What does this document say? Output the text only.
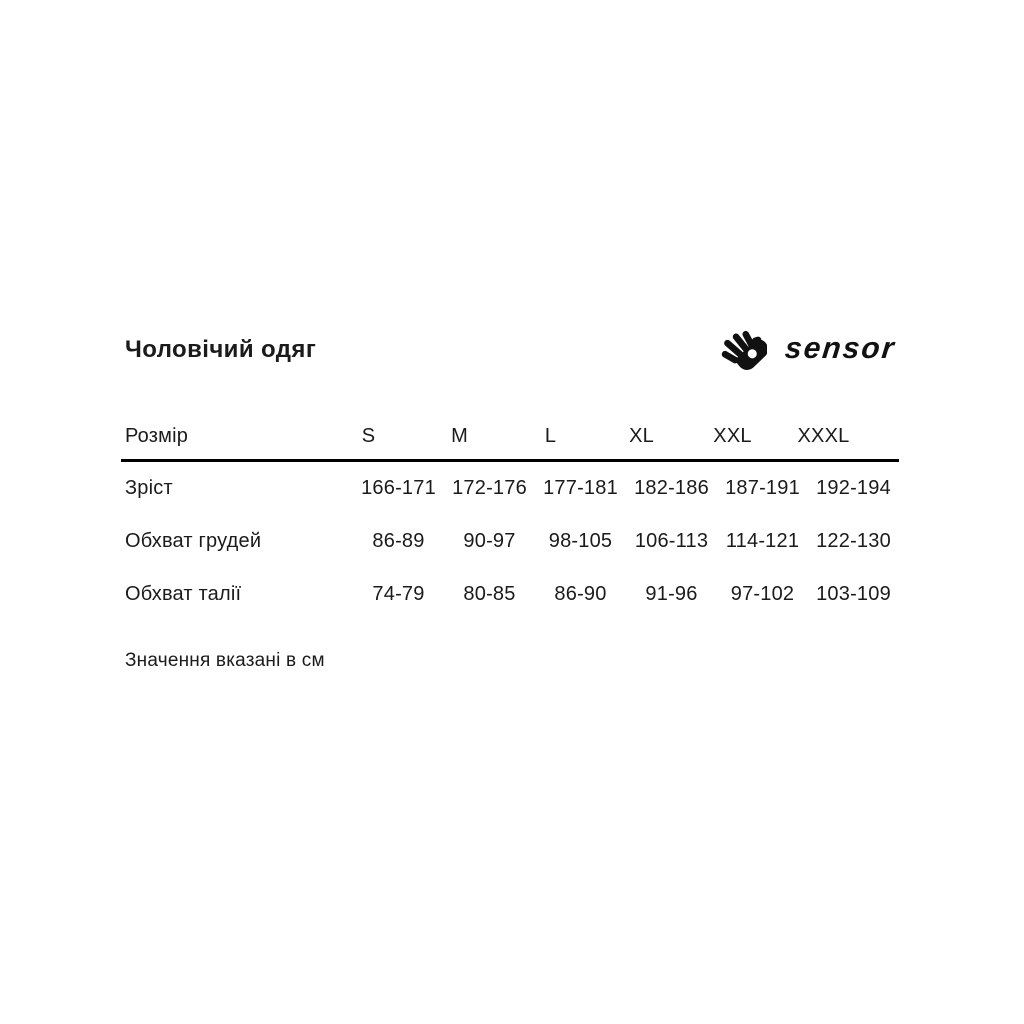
Чоловічий одяг	sensor
Розмір	S	M	L	XL	XXL	XXXL
Зріст	166-171 172-176 177-181 182-186 187-191 192-194
Обхват грудей	86-89	90-97	98-105	106-113 114-121 122-130
Обхват талії	74-79	80-85	86-90	91-96	97-102	103-109

Значення вказані в см
